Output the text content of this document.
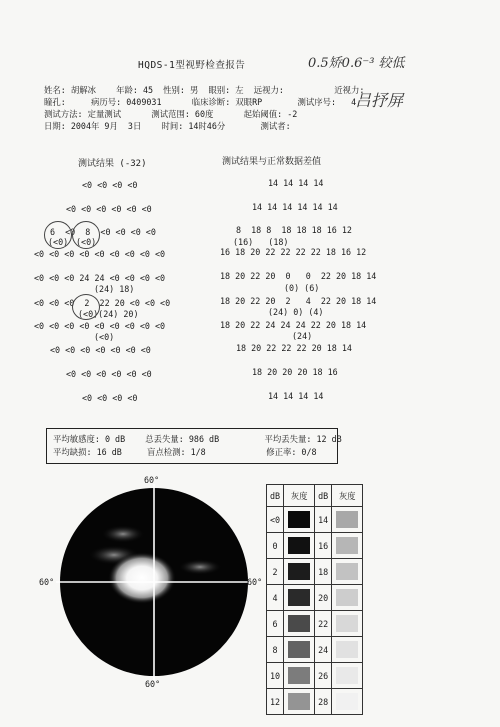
HQDS-1型视野检查报告	0.5矫0.6⁻³ 较低
吕抒屏
姓名: 胡解冰    年龄: 45  性别: 男  眼别: 左  远视力:          近视力:
瞳孔:     病历号: 0409031      临床诊断: 双眼RP       测试序号:   4
测试方法: 定量测试      测试范围: 60度      起始阈值: -2
日期: 2004年 9月  3日    时间: 14时46分       测试者:
测试结果 (-32)	测试结果与正常数据差值
<0 <0 <0 <0
<0 <0 <0 <0 <0 <0
6  <0  8  <0 <0 <0 <0
(<0) (<0)
<0 <0 <0 <0 <0 <0 <0 <0 <0
<0 <0 <0 24 24 <0 <0 <0 <0
(24) 18)
<0 <0 <0  2  22 20 <0 <0 <0
(<0)(24) 20)
<0 <0 <0 <0 <0 <0 <0 <0 <0
(<0)
<0 <0 <0 <0 <0 <0 <0
<0 <0 <0 <0 <0 <0
<0 <0 <0 <0
14 14 14 14
14 14 14 14 14 14
8  18 8  18 18 18 16 12
(16)   (18)
16 18 20 22 22 22 22 18 16 12
18 20 22 20  0   0  22 20 18 14
(0) (6)
18 20 22 20  2   4  22 20 18 14
(24) 0) (4)
18 20 22 24 24 24 22 20 18 14
(24)
18 20 22 22 22 20 18 14
18 20 20 20 18 16
14 14 14 14
平均敏感度: 0 dB    总丢失量: 986 dB         平均丢失量: 12 dB
平均缺损: 16 dB     盲点检测: 1/8            修正率: 0/8
60°
60°
60°	60°
dB	灰度	dB	灰度
<0		14	

0		16	

2		18	

4		20	

6		22	

8		24	

10		26	

12		28	
